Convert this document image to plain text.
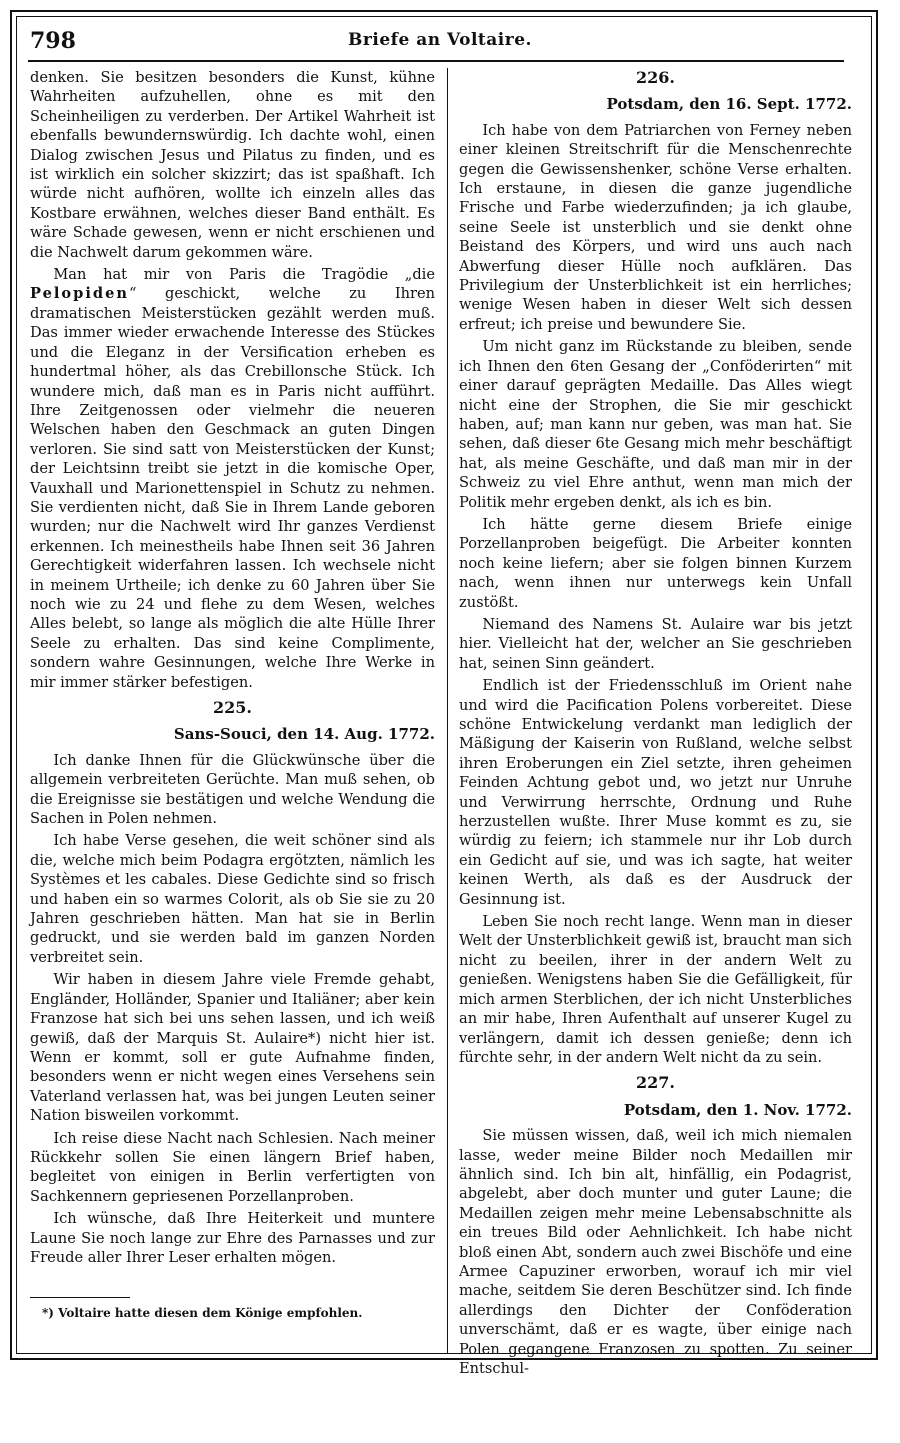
798	Briefe an Voltaire.

denken. Sie besitzen besonders die Kunst, kühne Wahrheiten aufzuhellen, ohne es mit den Scheinheiligen zu verderben. Der Artikel Wahrheit ist ebenfalls bewundernswürdig. Ich dachte wohl, einen Dialog zwischen Jesus und Pilatus zu finden, und es ist wirklich ein solcher skizzirt; das ist spaßhaft. Ich würde nicht aufhören, wollte ich einzeln alles das Kostbare erwähnen, welches dieser Band enthält. Es wäre Schade gewesen, wenn er nicht erschienen und die Nachwelt darum gekommen wäre.

Man hat mir von Paris die Tragödie „die Pelopiden“ geschickt, welche zu Ihren dramatischen Meisterstücken gezählt werden muß. Das immer wieder erwachende Interesse des Stückes und die Eleganz in der Versification erheben es hundertmal höher, als das Crebillonsche Stück. Ich wundere mich, daß man es in Paris nicht aufführt. Ihre Zeitgenossen oder vielmehr die neueren Welschen haben den Geschmack an guten Dingen verloren. Sie sind satt von Meisterstücken der Kunst; der Leichtsinn treibt sie jetzt in die komische Oper, Vauxhall und Marionettenspiel in Schutz zu nehmen. Sie verdienten nicht, daß Sie in Ihrem Lande geboren wurden; nur die Nachwelt wird Ihr ganzes Verdienst erkennen. Ich meinestheils habe Ihnen seit 36 Jahren Gerechtigkeit widerfahren lassen. Ich wechsele nicht in meinem Urtheile; ich denke zu 60 Jahren über Sie noch wie zu 24 und flehe zu dem Wesen, welches Alles belebt, so lange als möglich die alte Hülle Ihrer Seele zu erhalten. Das sind keine Complimente, sondern wahre Gesinnungen, welche Ihre Werke in mir immer stärker befestigen.

225.
Sans-Souci, den 14. Aug. 1772.

Ich danke Ihnen für die Glückwünsche über die allgemein verbreiteten Gerüchte. Man muß sehen, ob die Ereignisse sie bestätigen und welche Wendung die Sachen in Polen nehmen.

Ich habe Verse gesehen, die weit schöner sind als die, welche mich beim Podagra ergötzten, nämlich les Systèmes et les cabales. Diese Gedichte sind so frisch und haben ein so warmes Colorit, als ob Sie sie zu 20 Jahren geschrieben hätten. Man hat sie in Berlin gedruckt, und sie werden bald im ganzen Norden verbreitet sein.

Wir haben in diesem Jahre viele Fremde gehabt, Engländer, Holländer, Spanier und Italiäner; aber kein Franzose hat sich bei uns sehen lassen, und ich weiß gewiß, daß der Marquis St. Aulaire*) nicht hier ist. Wenn er kommt, soll er gute Aufnahme finden, besonders wenn er nicht wegen eines Versehens sein Vaterland verlassen hat, was bei jungen Leuten seiner Nation bisweilen vorkommt.

Ich reise diese Nacht nach Schlesien. Nach meiner Rückkehr sollen Sie einen längern Brief haben, begleitet von einigen in Berlin verfertigten von Sachkennern gepriesenen Porzellanproben.

Ich wünsche, daß Ihre Heiterkeit und muntere Laune Sie noch lange zur Ehre des Parnasses und zur Freude aller Ihrer Leser erhalten mögen.

*) Voltaire hatte diesen dem Könige empfohlen.
226.
Potsdam, den 16. Sept. 1772.

Ich habe von dem Patriarchen von Ferney neben einer kleinen Streitschrift für die Menschenrechte gegen die Gewissenshenker, schöne Verse erhalten. Ich erstaune, in diesen die ganze jugendliche Frische und Farbe wiederzufinden; ja ich glaube, seine Seele ist unsterblich und sie denkt ohne Beistand des Körpers, und wird uns auch nach Abwerfung dieser Hülle noch aufklären. Das Privilegium der Unsterblichkeit ist ein herrliches; wenige Wesen haben in dieser Welt sich dessen erfreut; ich preise und bewundere Sie.

Um nicht ganz im Rückstande zu bleiben, sende ich Ihnen den 6ten Gesang der „Conföderirten“ mit einer darauf geprägten Medaille. Das Alles wiegt nicht eine der Strophen, die Sie mir geschickt haben, auf; man kann nur geben, was man hat. Sie sehen, daß dieser 6te Gesang mich mehr beschäftigt hat, als meine Geschäfte, und daß man mir in der Schweiz zu viel Ehre anthut, wenn man mich der Politik mehr ergeben denkt, als ich es bin.

Ich hätte gerne diesem Briefe einige Porzellanproben beigefügt. Die Arbeiter konnten noch keine liefern; aber sie folgen binnen Kurzem nach, wenn ihnen nur unterwegs kein Unfall zustößt.

Niemand des Namens St. Aulaire war bis jetzt hier. Vielleicht hat der, welcher an Sie geschrieben hat, seinen Sinn geändert.

Endlich ist der Friedensschluß im Orient nahe und wird die Pacification Polens vorbereitet. Diese schöne Entwickelung verdankt man lediglich der Mäßigung der Kaiserin von Rußland, welche selbst ihren Eroberungen ein Ziel setzte, ihren geheimen Feinden Achtung gebot und, wo jetzt nur Unruhe und Verwirrung herrschte, Ordnung und Ruhe herzustellen wußte. Ihrer Muse kommt es zu, sie würdig zu feiern; ich stammele nur ihr Lob durch ein Gedicht auf sie, und was ich sagte, hat weiter keinen Werth, als daß es der Ausdruck der Gesinnung ist.

Leben Sie noch recht lange. Wenn man in dieser Welt der Unsterblichkeit gewiß ist, braucht man sich nicht zu beeilen, ihrer in der andern Welt zu genießen. Wenigstens haben Sie die Gefälligkeit, für mich armen Sterblichen, der ich nicht Unsterbliches an mir habe, Ihren Aufenthalt auf unserer Kugel zu verlängern, damit ich dessen genieße; denn ich fürchte sehr, in der andern Welt nicht da zu sein.

227.
Potsdam, den 1. Nov. 1772.

Sie müssen wissen, daß, weil ich mich niemalen lasse, weder meine Bilder noch Medaillen mir ähnlich sind. Ich bin alt, hinfällig, ein Podagrist, abgelebt, aber doch munter und guter Laune; die Medaillen zeigen mehr meine Lebensabschnitte als ein treues Bild oder Aehnlichkeit. Ich habe nicht bloß einen Abt, sondern auch zwei Bischöfe und eine Armee Capuziner erworben, worauf ich mir viel mache, seitdem Sie deren Beschützer sind. Ich finde allerdings den Dichter der Conföderation unverschämt, daß er es wagte, über einige nach Polen gegangene Franzosen zu spotten. Zu seiner Entschul-
